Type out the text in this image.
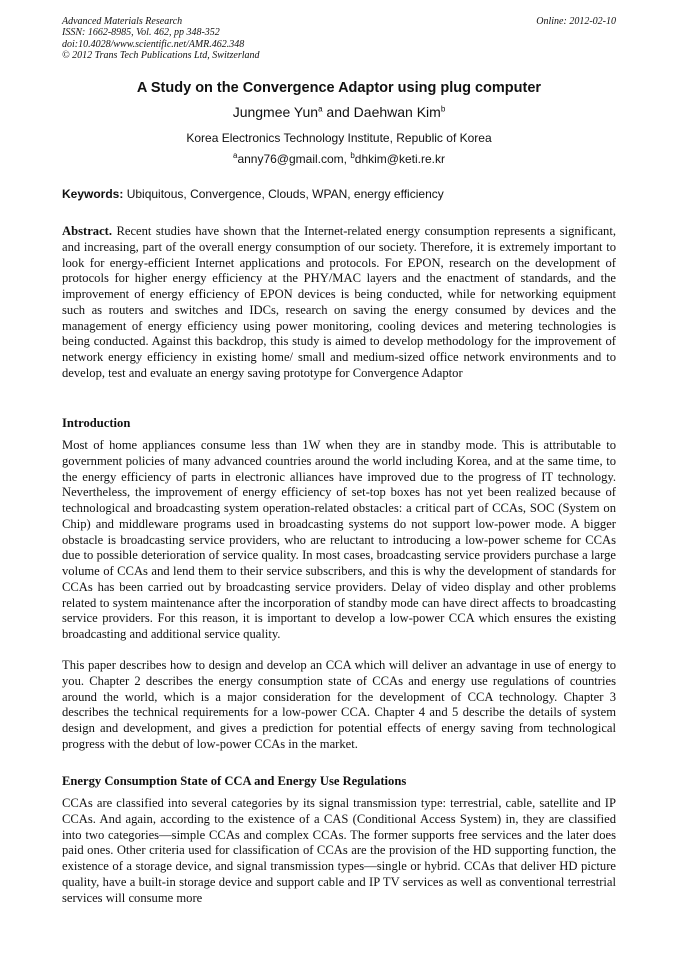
Advanced Materials Research
ISSN: 1662-8985, Vol. 462, pp 348-352
doi:10.4028/www.scientific.net/AMR.462.348
© 2012 Trans Tech Publications Ltd, Switzerland
Online: 2012-02-10
A Study on the Convergence Adaptor using plug computer
Jungmee Yun$^a$ and Daehwan Kim$^b$
Korea Electronics Technology Institute, Republic of Korea
$^a$anny76@gmail.com, $^b$dhkim@keti.re.kr
Keywords: Ubiquitous, Convergence, Clouds, WPAN, energy efficiency

Abstract. Recent studies have shown that the Internet-related energy consumption represents a significant, and increasing, part of the overall energy consumption of our society. Therefore, it is extremely important to look for energy-efficient Internet applications and protocols. For EPON, research on the development of protocols for higher energy efficiency at the PHY/MAC layers and the enactment of standards, and the improvement of energy efficiency of EPON devices is being conducted, while for networking equipment such as routers and switches and IDCs, research on saving the energy consumed by devices and the management of energy efficiency using power monitoring, cooling devices and metering technologies is being conducted. Against this backdrop, this study is aimed to develop methodology for the improvement of network energy efficiency in existing home/ small and medium-sized office network environments and to develop, test and evaluate an energy saving prototype for Convergence Adaptor

Introduction

Most of home appliances consume less than 1W when they are in standby mode. This is attributable to government policies of many advanced countries around the world including Korea, and at the same time, to the energy efficiency of parts in electronic alliances have improved due to the progress of IT technology. Nevertheless, the improvement of energy efficiency of set-top boxes has not yet been realized because of technological and broadcasting system operation-related obstacles: a critical part of CCAs, SOC (System on Chip) and middleware programs used in broadcasting systems do not support low-power mode. A bigger obstacle is broadcasting service providers, who are reluctant to introducing a low-power scheme for CCAs due to possible deterioration of service quality. In most cases, broadcasting service providers purchase a large volume of CCAs and lend them to their service subscribers, and this is why the development of standards for CCAs has been carried out by broadcasting service providers. Delay of video display and other problems related to system maintenance after the incorporation of standby mode can have direct affects to broadcasting service providers. For this reason, it is important to develop a low-power CCA which ensures the existing broadcasting and additional service quality.

This paper describes how to design and develop an CCA which will deliver an advantage in use of energy to you. Chapter 2 describes the energy consumption state of CCAs and energy use regulations of countries around the world, which is a major consideration for the development of CCA technology. Chapter 3 describes the technical requirements for a low-power CCA. Chapter 4 and 5 describe the details of system design and development, and gives a prediction for potential effects of energy saving from technological progress with the debut of low-power CCAs in the market.

Energy Consumption State of CCA and Energy Use Regulations

CCAs are classified into several categories by its signal transmission type: terrestrial, cable, satellite and IP CCAs. And again, according to the existence of a CAS (Conditional Access System) in, they are classified into two categories—simple CCAs and complex CCAs. The former supports free services and the later does paid ones. Other criteria used for classification of CCAs are the provision of the HD supporting function, the existence of a storage device, and signal transmission types—single or hybrid. CCAs that deliver HD picture quality, have a built-in storage device and support cable and IP TV services as well as conventional terrestrial services will consume more
